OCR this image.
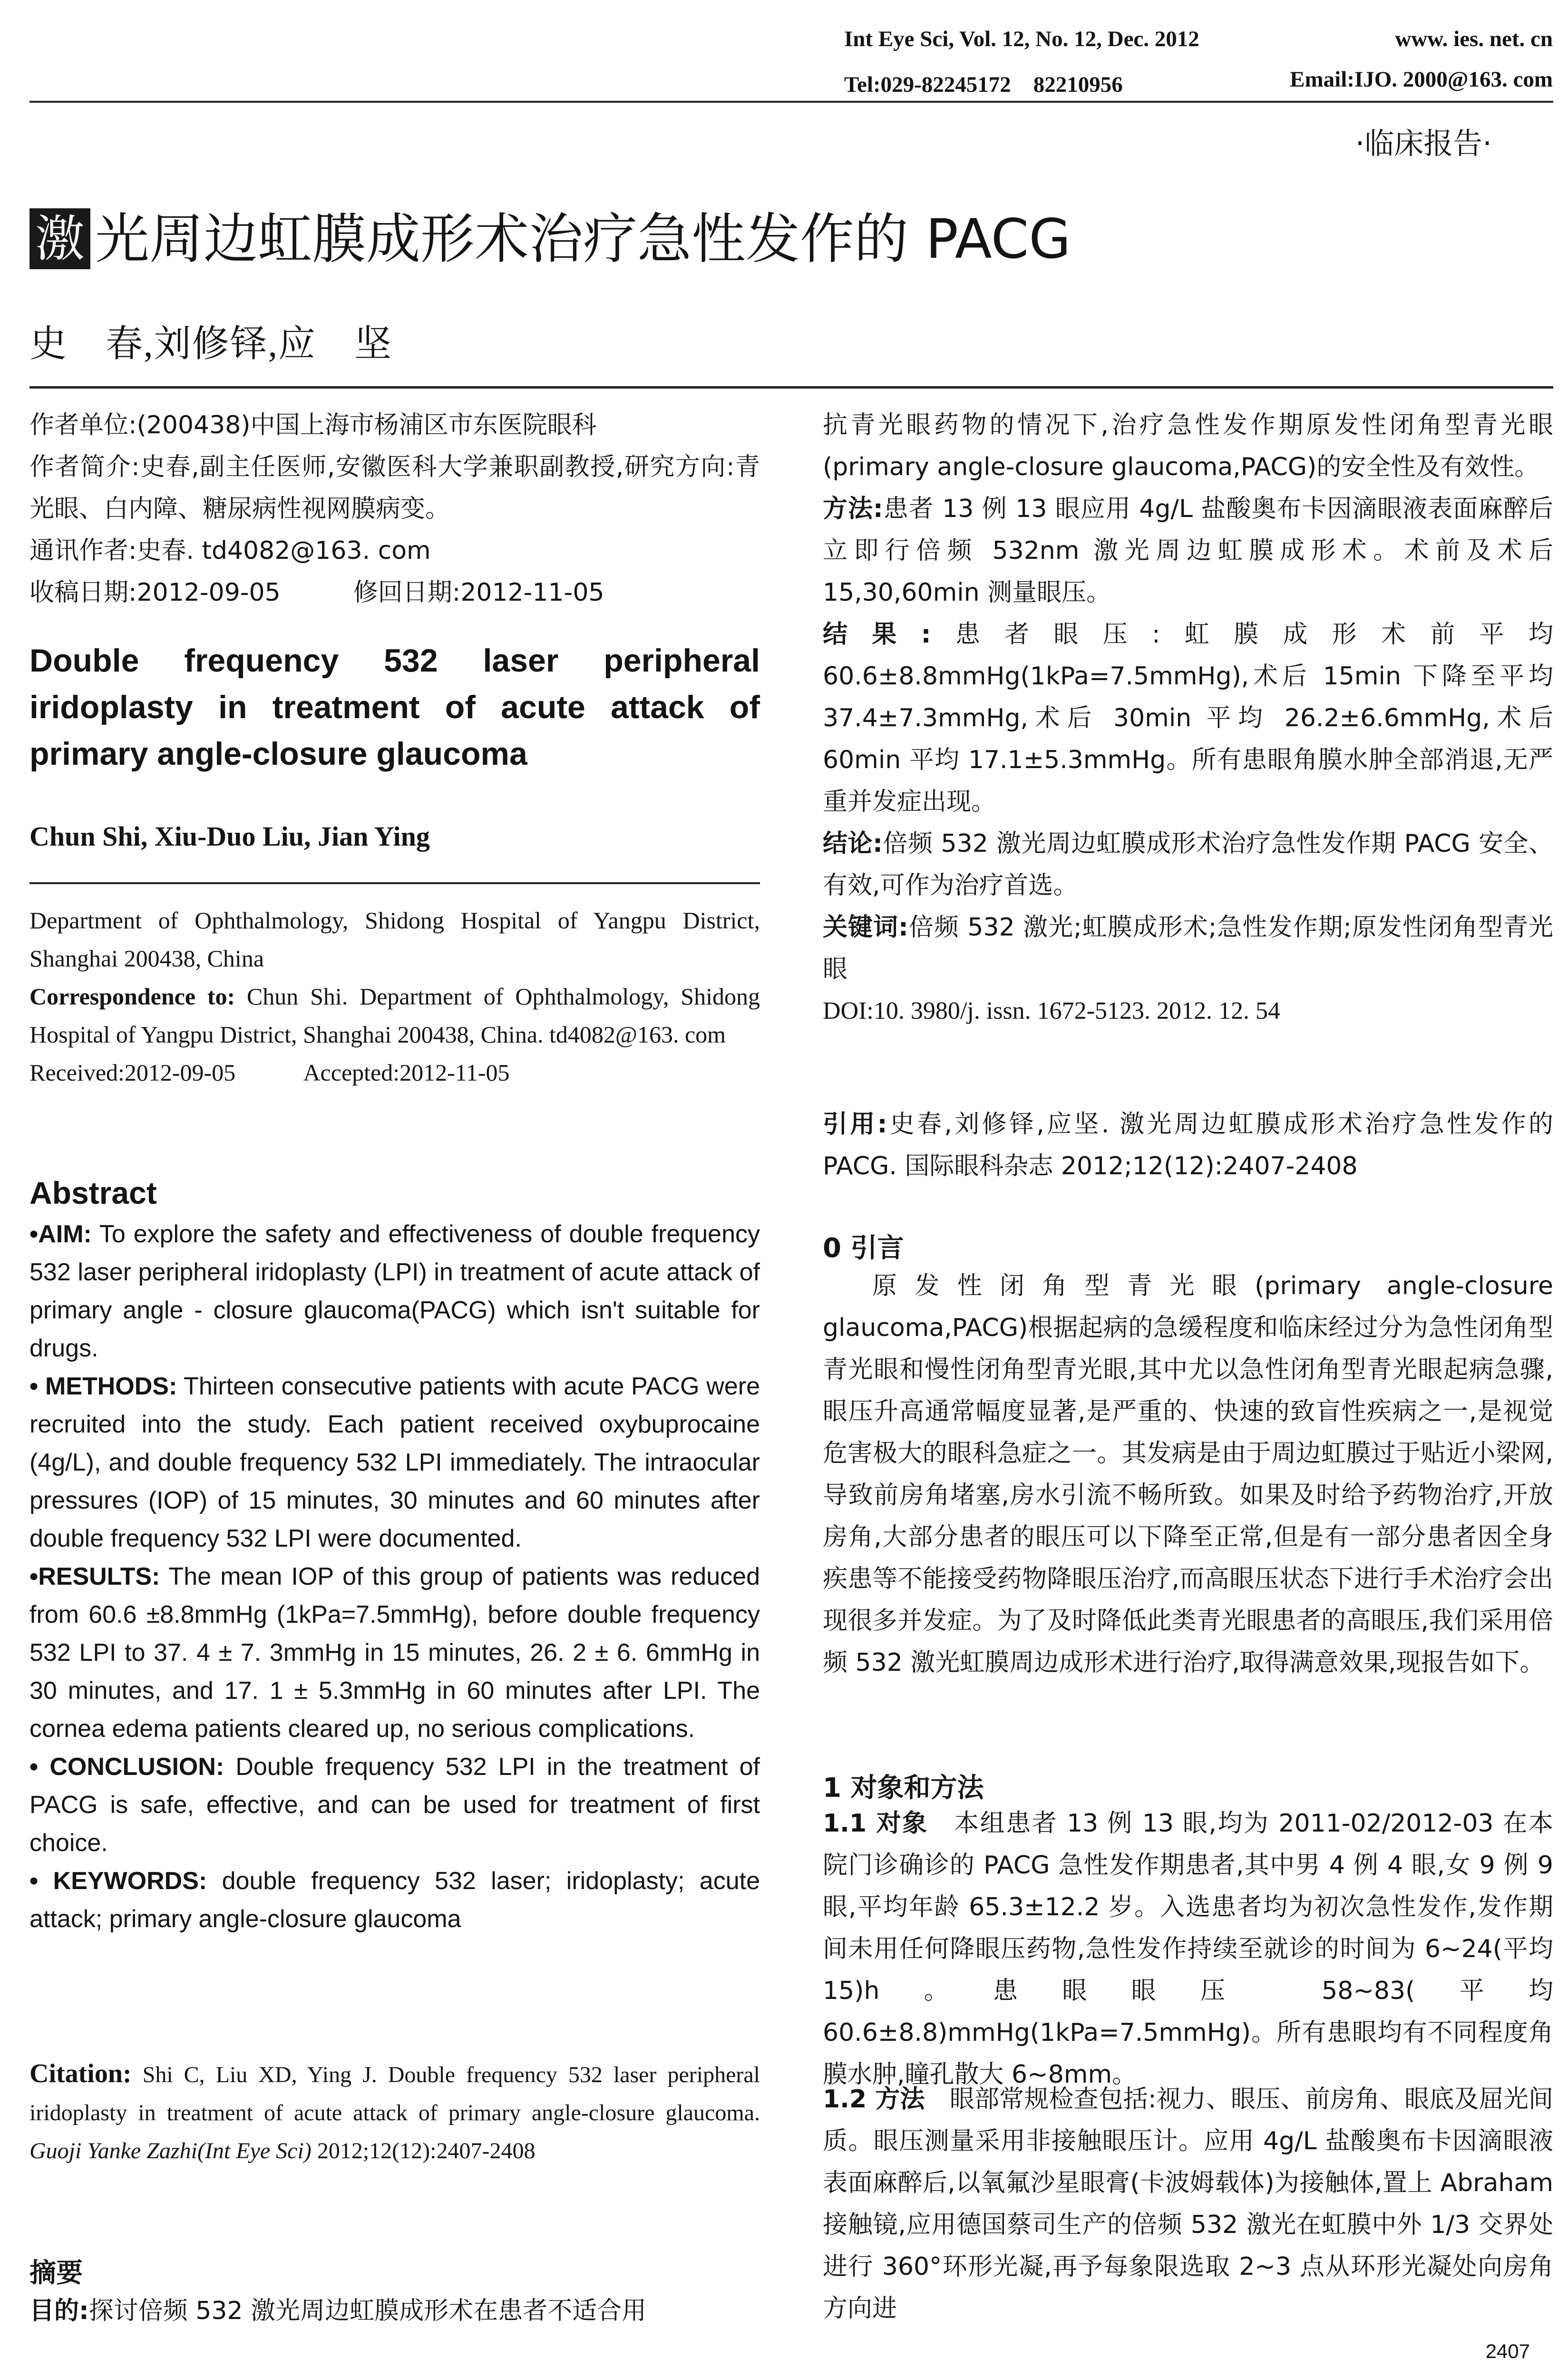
Int Eye Sci, Vol. 12, No. 12, Dec. 2012	www. ies. net. cn
Tel:029-82245172　82210956	Email:IJO. 2000@163. com
·临床报告·
激 光周边虹膜成形术治疗急性发作的 PACG
史　春,刘修铎,应　坚
作者单位:(200438)中国上海市杨浦区市东医院眼科
作者简介:史春,副主任医师,安徽医科大学兼职副教授,研究方向:青光眼、白内障、糖尿病性视网膜病变。
通讯作者:史春. td4082@163. com
收稿日期:2012-09-05	修回日期:2012-11-05
Double frequency 532 laser peripheral iridoplasty in treatment of acute attack of primary angle-closure glaucoma
Chun Shi, Xiu-Duo Liu, Jian Ying
Department of Ophthalmology, Shidong Hospital of Yangpu District, Shanghai 200438, China
Correspondence to: Chun Shi. Department of Ophthalmology, Shidong Hospital of Yangpu District, Shanghai 200438, China. td4082@163. com
Received:2012-09-05	Accepted:2012-11-05
Abstract
•AIM: To explore the safety and effectiveness of double frequency 532 laser peripheral iridoplasty (LPI) in treatment of acute attack of primary angle - closure glaucoma(PACG) which isn't suitable for drugs.
• METHODS: Thirteen consecutive patients with acute PACG were recruited into the study. Each patient received oxybuprocaine (4g/L), and double frequency 532 LPI immediately. The intraocular pressures (IOP) of 15 minutes, 30 minutes and 60 minutes after double frequency 532 LPI were documented.
•RESULTS: The mean IOP of this group of patients was reduced from 60.6 ±8.8mmHg (1kPa=7.5mmHg), before double frequency 532 LPI to 37. 4 ± 7. 3mmHg in 15 minutes, 26. 2 ± 6. 6mmHg in 30 minutes, and 17. 1 ± 5.3mmHg in 60 minutes after LPI. The cornea edema patients cleared up, no serious complications.
• CONCLUSION: Double frequency 532 LPI in the treatment of PACG is safe, effective, and can be used for treatment of first choice.
• KEYWORDS: double frequency 532 laser; iridoplasty; acute attack; primary angle-closure glaucoma
Citation: Shi C, Liu XD, Ying J. Double frequency 532 laser peripheral iridoplasty in treatment of acute attack of primary angle-closure glaucoma. Guoji Yanke Zazhi(Int Eye Sci) 2012;12(12):2407-2408
摘要
目的:探讨倍频 532 激光周边虹膜成形术在患者不适合用
抗青光眼药物的情况下,治疗急性发作期原发性闭角型青光眼(primary angle-closure glaucoma,PACG)的安全性及有效性。
方法:患者 13 例 13 眼应用 4g/L 盐酸奥布卡因滴眼液表面麻醉后立即行倍频 532nm 激光周边虹膜成形术。术前及术后 15,30,60min 测量眼压。
结果:患者眼压:虹膜成形术前平均 60.6±8.8mmHg(1kPa=7.5mmHg),术后 15min 下降至平均 37.4±7.3mmHg,术后 30min 平均 26.2±6.6mmHg,术后 60min 平均 17.1±5.3mmHg。所有患眼角膜水肿全部消退,无严重并发症出现。
结论:倍频 532 激光周边虹膜成形术治疗急性发作期 PACG 安全、有效,可作为治疗首选。
关键词:倍频 532 激光;虹膜成形术;急性发作期;原发性闭角型青光眼
DOI:10. 3980/j. issn. 1672-5123. 2012. 12. 54
引用:史春,刘修铎,应坚. 激光周边虹膜成形术治疗急性发作的 PACG. 国际眼科杂志 2012;12(12):2407-2408
0 引言
原发性闭角型青光眼(primary angle-closure glaucoma,PACG)根据起病的急缓程度和临床经过分为急性闭角型青光眼和慢性闭角型青光眼,其中尤以急性闭角型青光眼起病急骤,眼压升高通常幅度显著,是严重的、快速的致盲性疾病之一,是视觉危害极大的眼科急症之一。其发病是由于周边虹膜过于贴近小梁网,导致前房角堵塞,房水引流不畅所致。如果及时给予药物治疗,开放房角,大部分患者的眼压可以下降至正常,但是有一部分患者因全身疾患等不能接受药物降眼压治疗,而高眼压状态下进行手术治疗会出现很多并发症。为了及时降低此类青光眼患者的高眼压,我们采用倍频 532 激光虹膜周边成形术进行治疗,取得满意效果,现报告如下。
1 对象和方法
1.1 对象　本组患者 13 例 13 眼,均为 2011-02/2012-03 在本院门诊确诊的 PACG 急性发作期患者,其中男 4 例 4 眼,女 9 例 9 眼,平均年龄 65.3±12.2 岁。入选患者均为初次急性发作,发作期间未用任何降眼压药物,急性发作持续至就诊的时间为 6~24(平均 15)h。患眼眼压 58~83(平均 60.6±8.8)mmHg(1kPa=7.5mmHg)。所有患眼均有不同程度角膜水肿,瞳孔散大 6~8mm。
1.2 方法　眼部常规检查包括:视力、眼压、前房角、眼底及屈光间质。眼压测量采用非接触眼压计。应用 4g/L 盐酸奥布卡因滴眼液表面麻醉后,以氧氟沙星眼膏(卡波姆载体)为接触体,置上 Abraham 接触镜,应用德国蔡司生产的倍频 532 激光在虹膜中外 1/3 交界处进行 360°环形光凝,再予每象限选取 2~3 点从环形光凝处向房角方向进
2407
